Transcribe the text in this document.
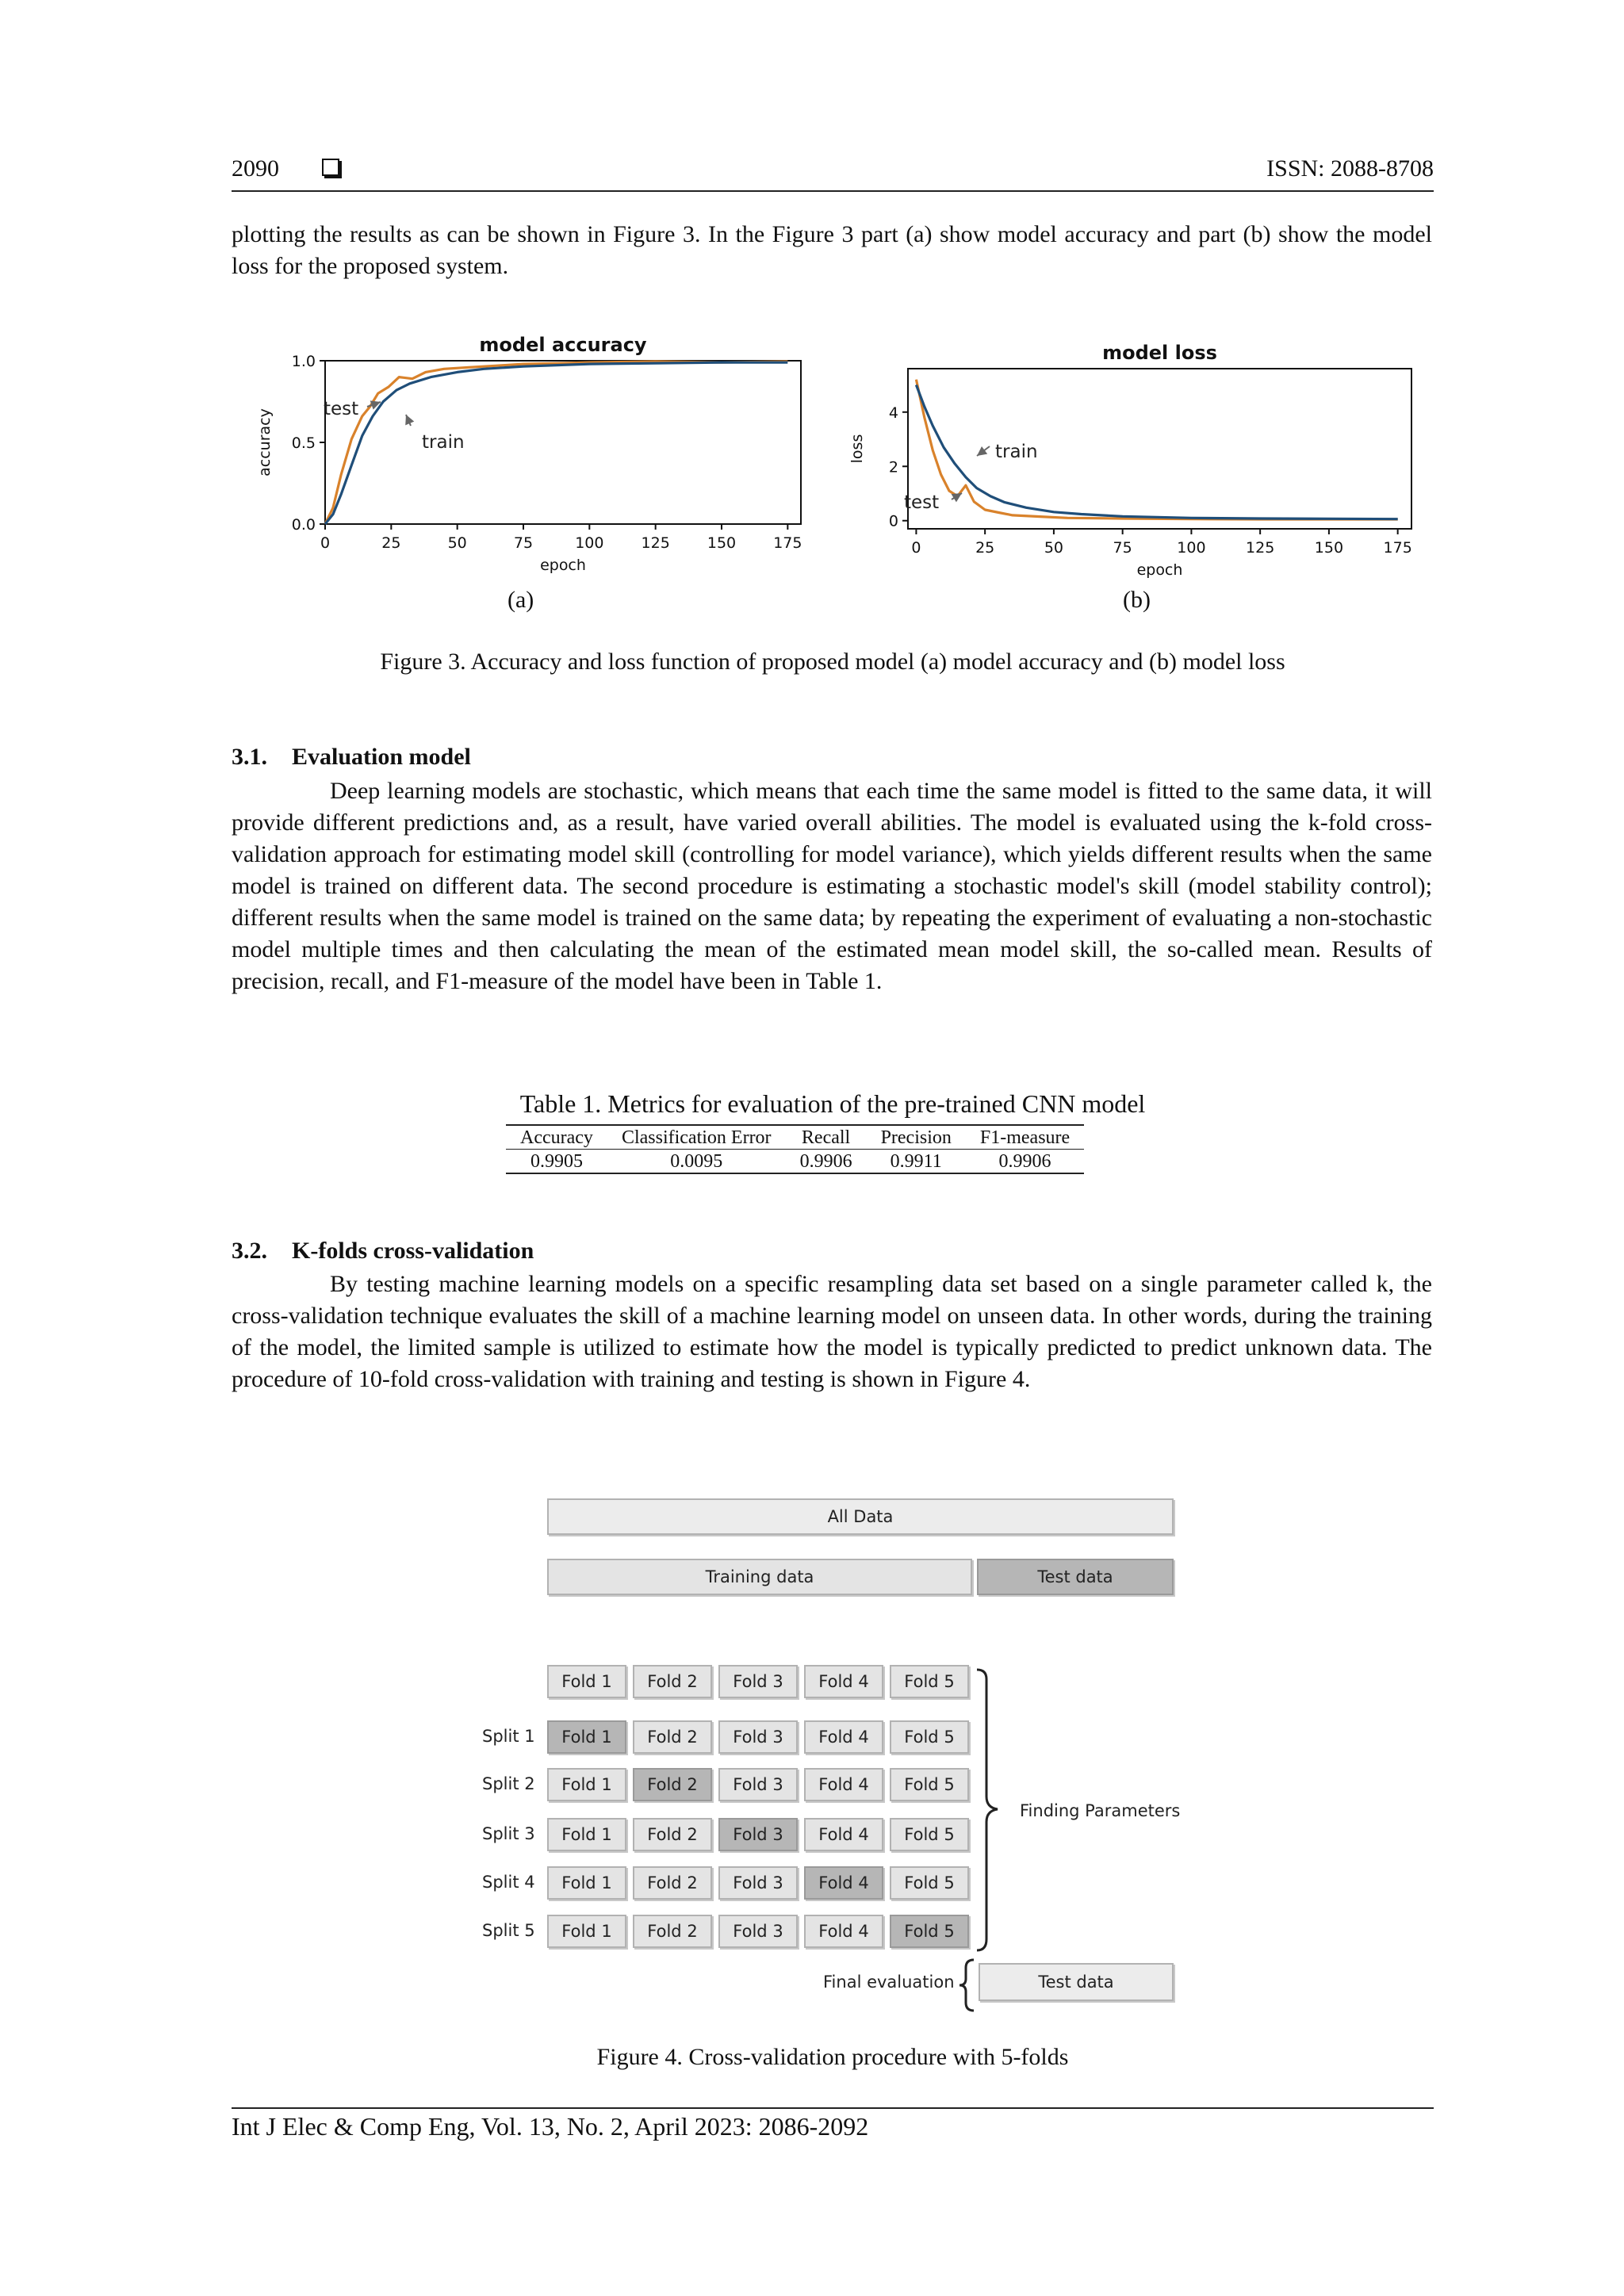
2090	ISSN: 2088-8708

plotting the results as can be shown in Figure 3. In the Figure 3 part (a) show model accuracy and part (b) show the model loss for the proposed system.

model accuracy
0	25	50	75	100 125 150 175
0.0
0.5
1.0
epoch
accuracy	test
train
model loss
0	25	50	75	100	125	150	175
0
2
4
epoch
loss	train
test
(a)	(b)
Figure 3. Accuracy and loss function of proposed model (a) model accuracy and (b) model loss
3.1. Evaluation model

Deep learning models are stochastic, which means that each time the same model is fitted to the same data, it will provide different predictions and, as a result, have varied overall abilities. The model is evaluated using the k-fold cross-validation approach for estimating model skill (controlling for model variance), which yields different results when the same model is trained on different data. The second procedure is estimating a stochastic model's skill (model stability control); different results when the same model is trained on the same data; by repeating the experiment of evaluating a non-stochastic model multiple times and then calculating the mean of the estimated mean model skill, the so-called mean. Results of precision, recall, and F1-measure of the model have been in Table 1.

Table 1. Metrics for evaluation of the pre-trained CNN model
Accuracy	Classification Error	Recall	Precision	F1-measure
0.9905	0.0095	0.9906	0.9911	0.9906
3.2. K-folds cross-validation

By testing machine learning models on a specific resampling data set based on a single parameter called k, the cross-validation technique evaluates the skill of a machine learning model on unseen data. In other words, during the training of the model, the limited sample is utilized to estimate how the model is typically predicted to predict unknown data. The procedure of 10-fold cross-validation with training and testing is shown in Figure 4.

All Data
Training data	Test data
Fold 1	Fold 2	Fold 3	Fold 4	Fold 5
Split 1	Fold 1	Fold 2	Fold 3	Fold 4	Fold 5
Split 2	Fold 1	Fold 2	Fold 3	Fold 4	Fold 5
Split 3	Fold 1	Fold 2	Fold 3	Fold 4	Fold 5
Split 4	Fold 1	Fold 2	Fold 3	Fold 4	Fold 5
Split 5	Fold 1	Fold 2	Fold 3	Fold 4	Fold 5
Finding Parameters
Final evaluation	Test data
Figure 4. Cross-validation procedure with 5-folds
Int J Elec & Comp Eng, Vol. 13, No. 2, April 2023: 2086-2092
